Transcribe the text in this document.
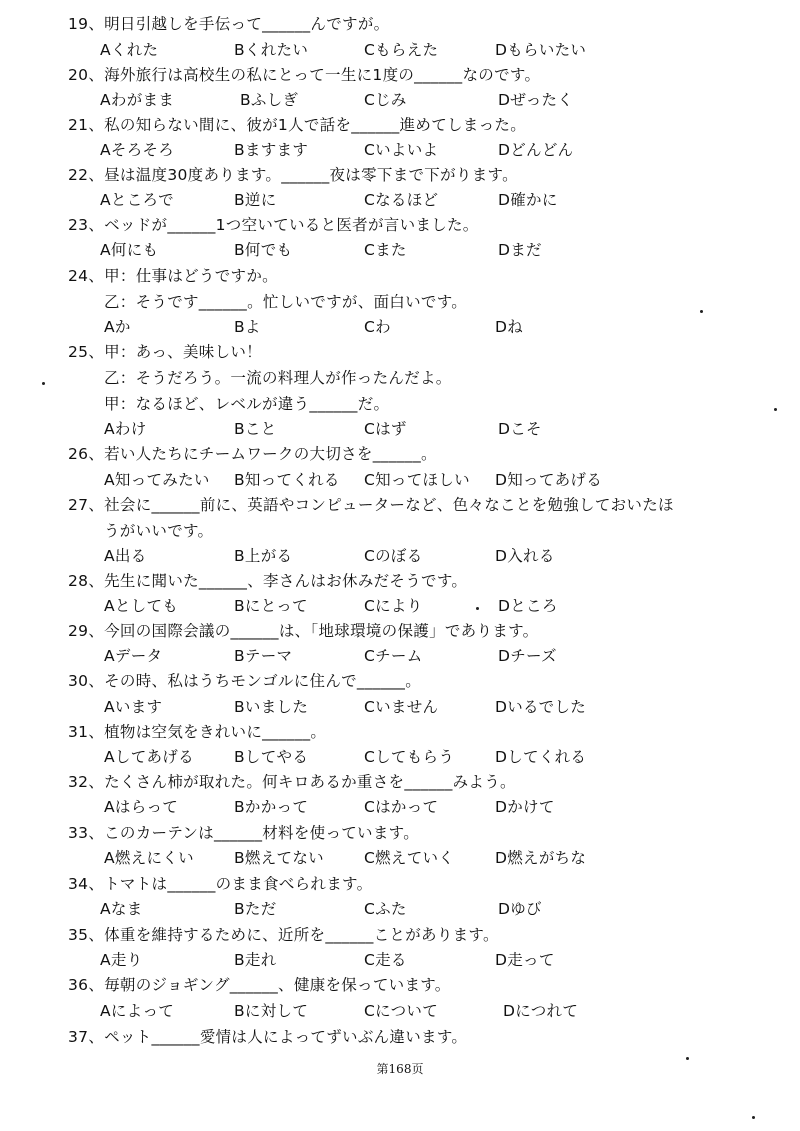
19、明日引越しを手伝って______んですが。
Aくれた	Bくれたい	Cもらえた	Dもらいたい
20、海外旅行は高校生の私にとって一生に1度の______なのです。
Aわがまま	Bふしぎ	Cじみ	Dぜったく
21、私の知らない間に、彼が1人で話を______進めてしまった。
Aそろそろ	Bますます	Cいよいよ	Dどんどん
22、昼は温度30度あります。______夜は零下まで下がります。
Aところで	B逆に	Cなるほど	D確かに
23、ベッドが______1つ空いていると医者が言いました。
A何にも	B何でも	Cまた	Dまだ
24、甲：仕事はどうですか。
乙：そうです______。忙しいですが、面白いです。
Aか	Bよ	Cわ	Dね
25、甲：あっ、美味しい！
乙：そうだろう。一流の料理人が作ったんだよ。
甲：なるほど、レベルが違う______だ。
Aわけ	Bこと	Cはず	Dこそ
26、若い人たちにチームワークの大切さを______。
A知ってみたい B知ってくれる C知ってほしい D知ってあげる
27、社会に______前に、英語やコンピューターなど、色々なことを勉強しておいたほ
うがいいです。
A出る	B上がる	Cのぼる	D入れる
28、先生に聞いた______、李さんはお休みだそうです。
Aとしても	Bにとって	Cにより	Dところ
29、今回の国際会議の______は、「地球環境の保護」であります。
Aデータ	Bテーマ	Cチーム	Dチーズ
30、その時、私はうちモンゴルに住んで______。
Aいます	Bいました	Cいません	Dいるでした
31、植物は空気をきれいに______。
Aしてあげる	Bしてやる	Cしてもらう	Dしてくれる
32、たくさん柿が取れた。何キロあるか重さを______みよう。
Aはらって	Bかかって	Cはかって	Dかけて
33、このカーテンは______材料を使っています。
A燃えにくい	B燃えてない	C燃えていく	D燃えがちな
34、トマトは______のまま食べられます。
Aなま	Bただ	Cふた	Dゆび
35、体重を維持するために、近所を______ことがあります。
A走り	B走れ	C走る	D走って
36、毎朝のジョギング______、健康を保っています。
Aによって	Bに対して	Cについて	Dにつれて
37、ペット______愛情は人によってずいぶん違います。
第168页
